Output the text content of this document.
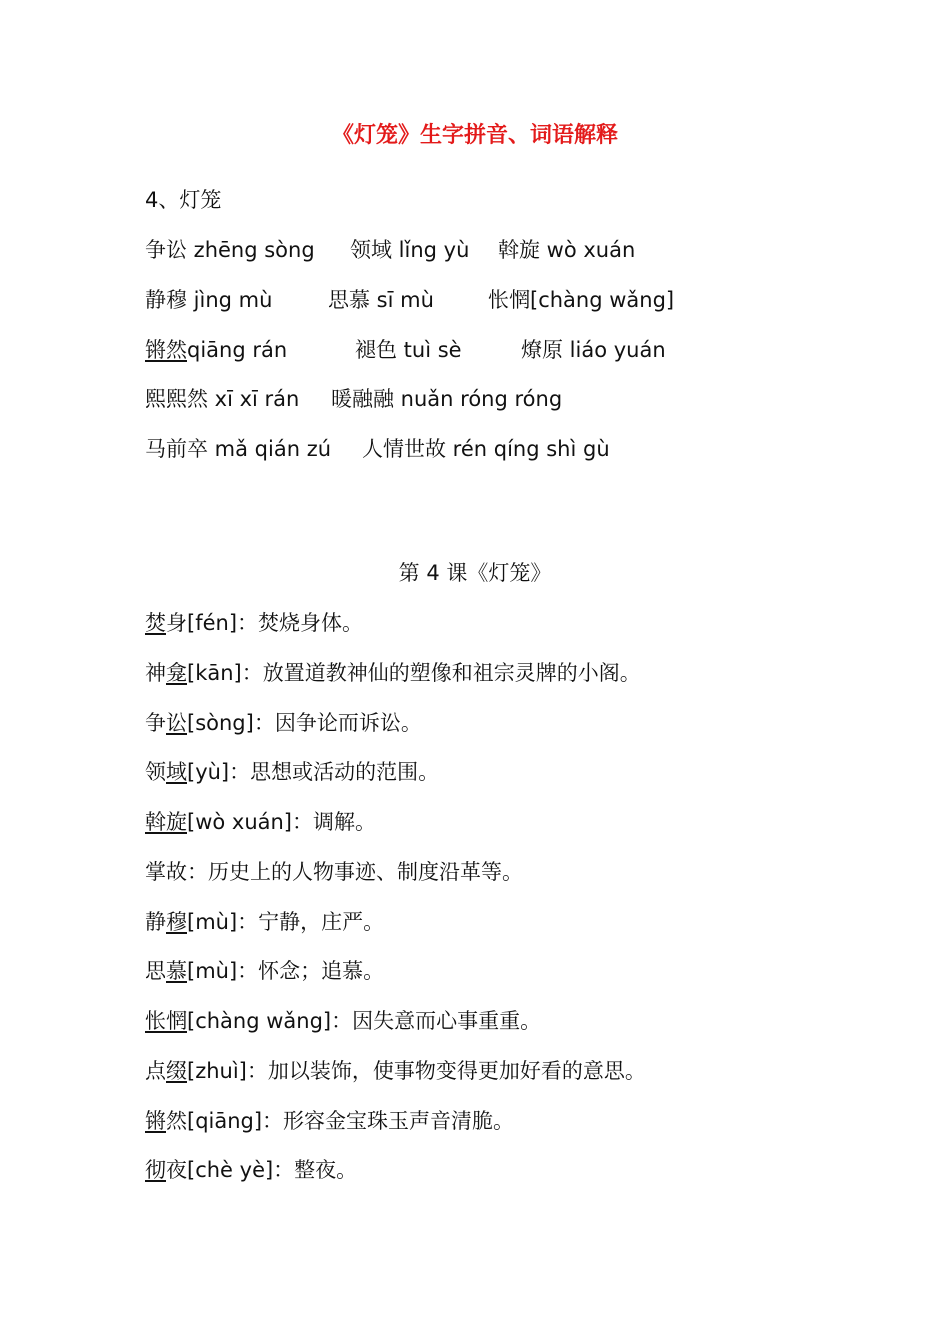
《灯笼》生字拼音、词语解释
4、灯笼
争讼 zhēng sòng 领域 lǐng yù 斡旋 wò xuán
静穆 jìng mù	思慕 sī mù	怅惘[chàng wǎng]
锵然qiāng rán	褪色 tuì sè	燎原 liáo yuán
熙熙然 xī xī rán 暖融融 nuǎn róng róng
马前卒 mǎ qián zú 人情世故 rén qíng shì gù
第 4 课《灯笼》
焚身[fén]：焚烧身体。
神龛[kān]：放置道教神仙的塑像和祖宗灵牌的小阁。
争讼[sòng]：因争论而诉讼。
领域[yù]：思想或活动的范围。
斡旋[wò xuán]：调解。
掌故：历史上的人物事迹、制度沿革等。
静穆[mù]：宁静，庄严。
思慕[mù]：怀念；追慕。
怅惘[chàng wǎng]：因失意而心事重重。
点缀[zhuì]：加以装饰，使事物变得更加好看的意思。
锵然[qiāng]：形容金宝珠玉声音清脆。
彻夜[chè yè]：整夜。
